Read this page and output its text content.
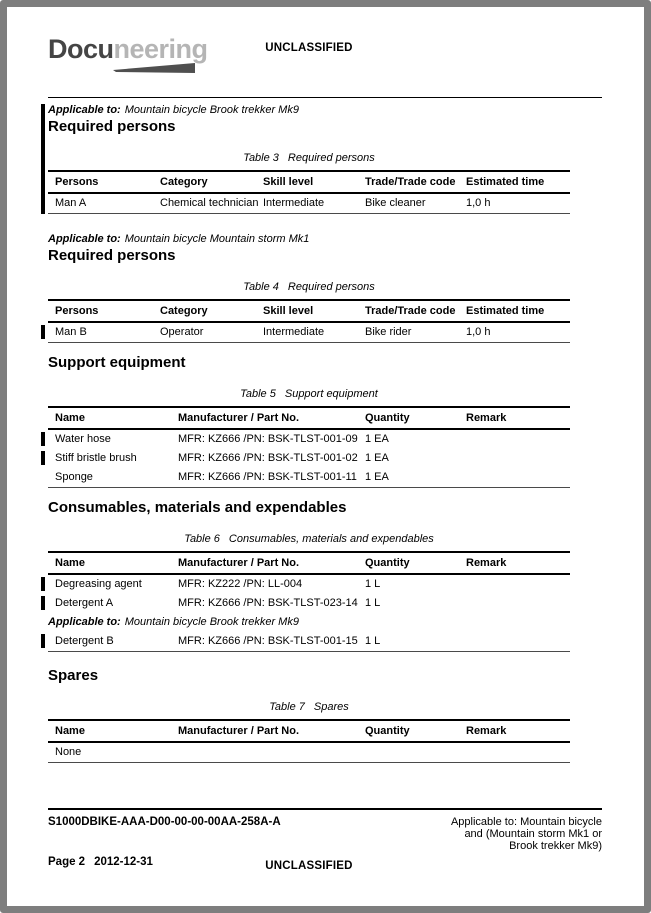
Docuneering	UNCLASSIFIED
Applicable to: Mountain bicycle Brook trekker Mk9
Required persons
Table 3 Required persons
Persons	Category	Skill level	Trade/Trade code	Estimated time
Man A	Chemical technician	Intermediate	Bike cleaner	1,0 h
Applicable to: Mountain bicycle Mountain storm Mk1
Required persons
Table 4 Required persons
Persons	Category	Skill level	Trade/Trade code	Estimated time
Man B	Operator	Intermediate	Bike rider	1,0 h
Support equipment
Table 5 Support equipment
Name	Manufacturer / Part No.	Quantity	Remark
Water hose	MFR: KZ666 /PN: BSK-TLST-001-09	1 EA	
Stiff bristle brush	MFR: KZ666 /PN: BSK-TLST-001-02	1 EA	
Sponge	MFR: KZ666 /PN: BSK-TLST-001-11	1 EA	
Consumables, materials and expendables
Table 6 Consumables, materials and expendables
Name	Manufacturer / Part No.	Quantity	Remark
Degreasing agent	MFR: KZ222 /PN: LL-004	1 L	
Detergent A	MFR: KZ666 /PN: BSK-TLST-023-14	1 L	
Applicable to: Mountain bicycle Brook trekker Mk9			
Detergent B	MFR: KZ666 /PN: BSK-TLST-001-15	1 L	
Spares
Table 7 Spares
Name	Manufacturer / Part No.	Quantity	Remark
None			
S1000DBIKE-AAA-D00-00-00-00AA-258A-A	Applicable to: Mountain bicycle
and (Mountain storm Mk1 or
Brook trekker Mk9)
Page 2 2012-12-31	UNCLASSIFIED
